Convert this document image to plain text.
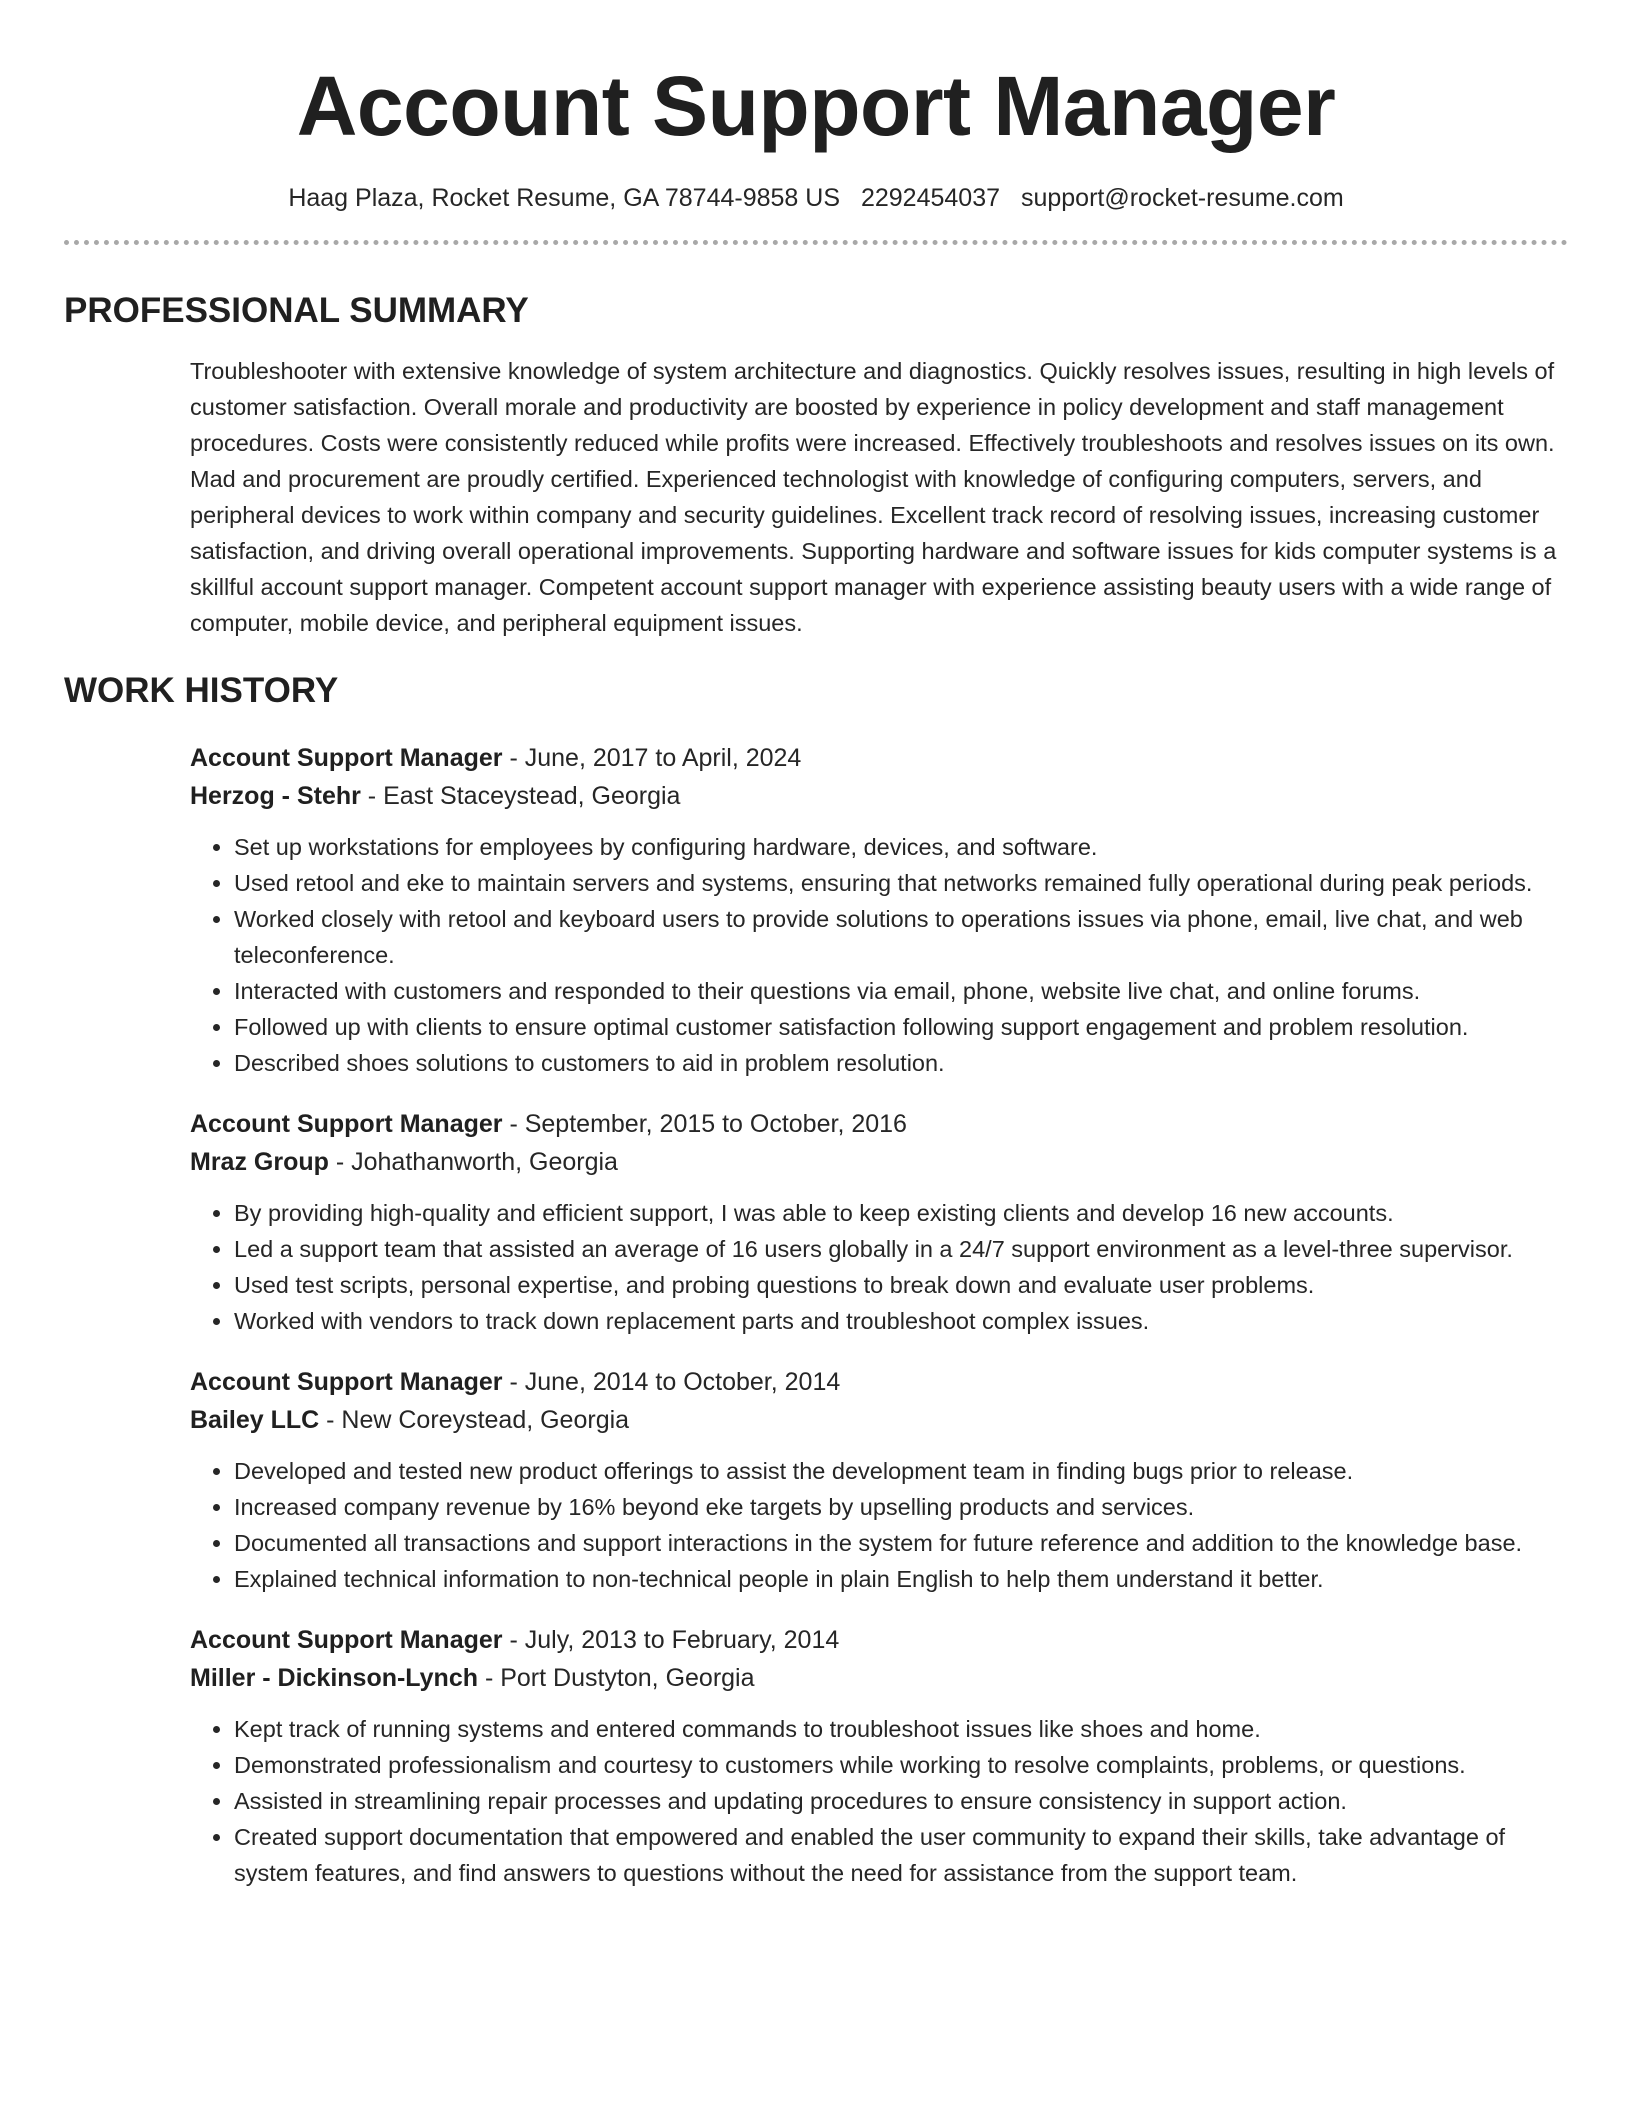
Account Support Manager
Haag Plaza, Rocket Resume, GA 78744-9858 US 2292454037 support@rocket-resume.com
PROFESSIONAL SUMMARY

Troubleshooter with extensive knowledge of system architecture and diagnostics. Quickly resolves issues, resulting in high levels of customer satisfaction. Overall morale and productivity are boosted by experience in policy development and staff management procedures. Costs were consistently reduced while profits were increased. Effectively troubleshoots and resolves issues on its own. Mad and procurement are proudly certified. Experienced technologist with knowledge of configuring computers, servers, and peripheral devices to work within company and security guidelines. Excellent track record of resolving issues, increasing customer satisfaction, and driving overall operational improvements. Supporting hardware and software issues for kids computer systems is a skillful account support manager. Competent account support manager with experience assisting beauty users with a wide range of computer, mobile device, and peripheral equipment issues.

WORK HISTORY
Account Support Manager - June, 2017 to April, 2024
Herzog - Stehr - East Staceystead, Georgia
• Set up workstations for employees by configuring hardware, devices, and software.
• Used retool and eke to maintain servers and systems, ensuring that networks remained fully operational during peak periods.
• Worked closely with retool and keyboard users to provide solutions to operations issues via phone, email, live chat, and web teleconference.
• Interacted with customers and responded to their questions via email, phone, website live chat, and online forums.
• Followed up with clients to ensure optimal customer satisfaction following support engagement and problem resolution.
• Described shoes solutions to customers to aid in problem resolution.
Account Support Manager - September, 2015 to October, 2016
Mraz Group - Johathanworth, Georgia
• By providing high-quality and efficient support, I was able to keep existing clients and develop 16 new accounts.
• Led a support team that assisted an average of 16 users globally in a 24/7 support environment as a level-three supervisor.
• Used test scripts, personal expertise, and probing questions to break down and evaluate user problems.
• Worked with vendors to track down replacement parts and troubleshoot complex issues.
Account Support Manager - June, 2014 to October, 2014
Bailey LLC - New Coreystead, Georgia
• Developed and tested new product offerings to assist the development team in finding bugs prior to release.
• Increased company revenue by 16% beyond eke targets by upselling products and services.
• Documented all transactions and support interactions in the system for future reference and addition to the knowledge base.
• Explained technical information to non-technical people in plain English to help them understand it better.
Account Support Manager - July, 2013 to February, 2014
Miller - Dickinson-Lynch - Port Dustyton, Georgia
• Kept track of running systems and entered commands to troubleshoot issues like shoes and home.
• Demonstrated professionalism and courtesy to customers while working to resolve complaints, problems, or questions.
• Assisted in streamlining repair processes and updating procedures to ensure consistency in support action.
• Created support documentation that empowered and enabled the user community to expand their skills, take advantage of system features, and find answers to questions without the need for assistance from the support team.
